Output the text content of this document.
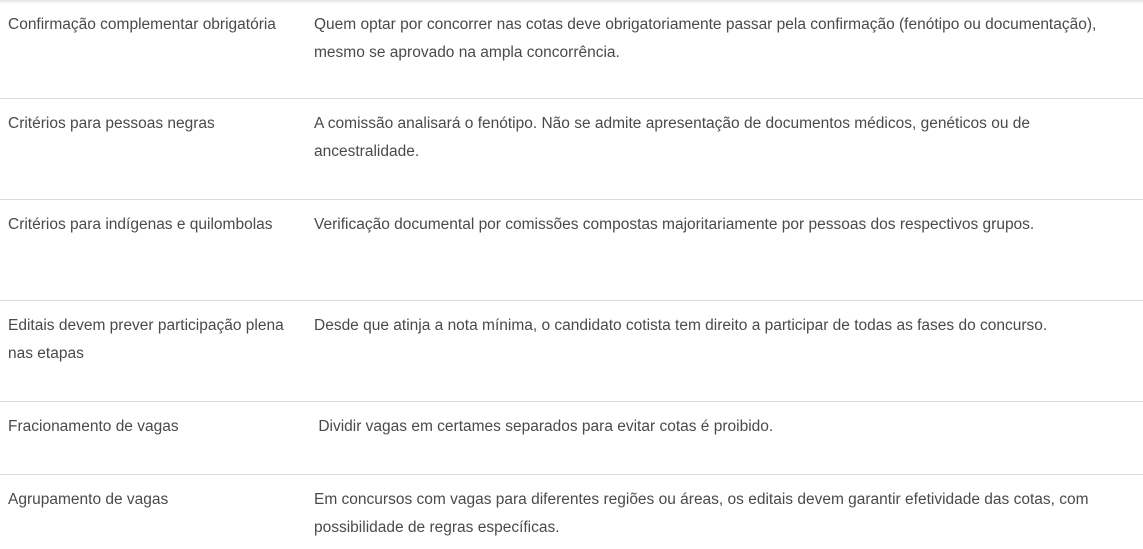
Confirmação complementar obrigatória	Quem optar por concorrer nas cotas deve obrigatoriamente passar pela confirmação (fenótipo ou documentação), mesmo se aprovado na ampla concorrência.

Critérios para pessoas negras	A comissão analisará o fenótipo. Não se admite apresentação de documentos médicos, genéticos ou de ancestralidade.

Critérios para indígenas e quilombolas	Verificação documental por comissões compostas majoritariamente por pessoas dos respectivos grupos.

Editais devem prever participação plena nas etapas	Desde que atinja a nota mínima, o candidato cotista tem direito a participar de todas as fases do concurso.

Fracionamento de vagas	Dividir vagas em certames separados para evitar cotas é proibido.

Agrupamento de vagas	Em concursos com vagas para diferentes regiões ou áreas, os editais devem garantir efetividade das cotas, com possibilidade de regras específicas.
